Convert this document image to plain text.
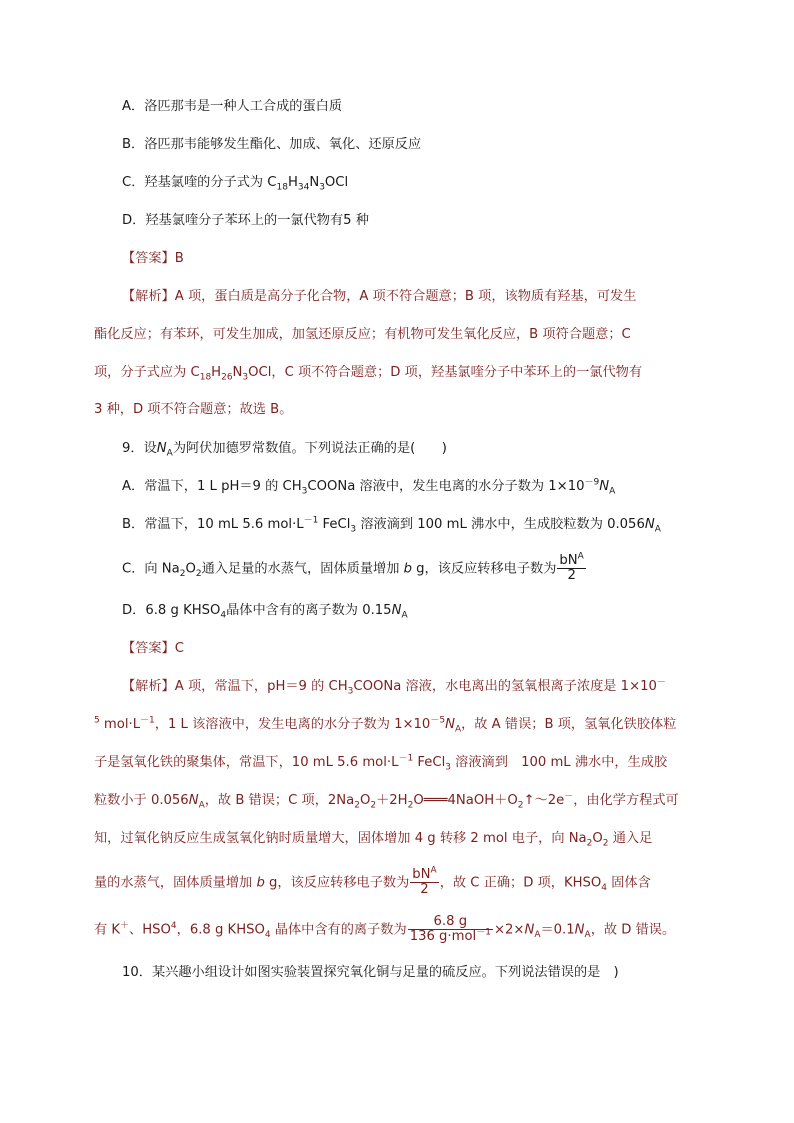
A．洛匹那韦是一种人工合成的蛋白质
B．洛匹那韦能够发生酯化、加成、氧化、还原反应
C．羟基氯喹的分子式为 $C_{18}H_{34}N_3OCl$
D．羟基氯喹分子苯环上的一氯代物有5 种
【答案】B
【解析】A 项，蛋白质是高分子化合物，A 项不符合题意；B 项，该物质有羟基，可发生
酯化反应；有苯环，可发生加成，加氢还原反应；有机物可发生氧化反应，B 项符合题意；C
项，分子式应为 $C_{18}H_{26}N_3OCl$，C 项不符合题意；D 项，羟基氯喹分子中苯环上的一氯代物有
3 种，D 项不符合题意；故选 B。
9．设$N_A$为阿伏加德罗常数值。下列说法正确的是(　　)
A．常温下，1 L pH＝9 的 $CH_3COONa$ 溶液中，发生电离的水分子数为 $1\times 10^{-9}N_A$
B．常温下，10 mL 5.6 $mol\cdot L^{-1}$ FeCl$_3$ 溶液滴到 100 mL 沸水中，生成胶粒数为 $0.056N_A$
C．向 $Na_2O_2$通入足量的水蒸气，固体质量增加 b g，该反应转移电子数为 $\frac{bN^A}{2}$
D．6.8 g $KHSO_4$晶体中含有的离子数为 $0.15N_A$
【答案】C
【解析】A 项，常温下，pH＝9 的 $CH_3COONa$ 溶液，水电离出的氢氧根离子浓度是 1×10－
$^5$ $mol\cdot L^{-1}$，1 L 该溶液中，发生电离的水分子数为 $1\times 10^{-5}N_A$，故 A 错误；B 项，氢氧化铁胶体粒
子是氢氧化铁的聚集体，常温下，10 mL 5.6 $mol\cdot L^{-1}$ FeCl$_3$ 溶液滴到　100 mL 沸水中，生成胶
粒数小于 $0.056N_A$，故 B 错误；C 项，$2Na_2O_2+2H_2O═══4NaOH+O_2↑\sim 2e^-$，由化学方程式可
知，过氧化钠反应生成氢氧化钠时质量增大，固体增加 4 g 转移 2 mol 电子，向 $Na_2O_2$ 通入足
量的水蒸气，固体质量增加 b g，该反应转移电子数为 $\frac{bN^A}{2}$ ，故 C 正确；D 项，$KHSO_4$ 固体含
有 K＋、HSO$^4$，6.8 g $KHSO_4$ 晶体中含有的离子数为 $\frac{6.8 g}{136 g\cdot mol^{-1}} \times 2\times N_A=0.1N_A$，故 D 错误。
10．某兴趣小组设计如图实验装置探究氧化铜与足量的硫反应。下列说法错误的是　)
